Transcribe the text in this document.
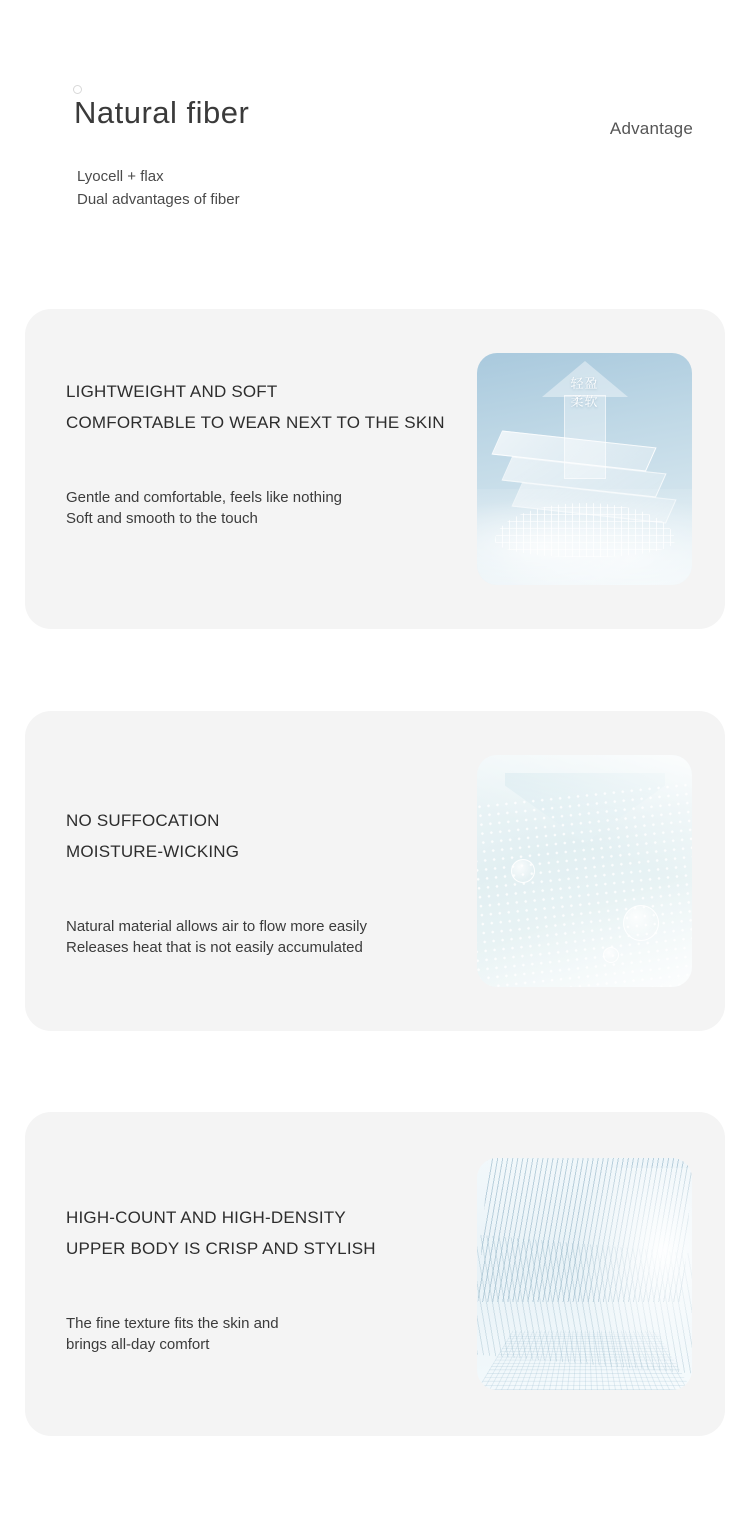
Natural fiber	Advantage
Lyocell + flax
Dual advantages of fiber
LIGHTWEIGHT AND SOFT
COMFORTABLE TO WEAR NEXT TO THE SKIN
Gentle and comfortable, feels like nothing
Soft and smooth to the touch
轻盈
柔软
NO SUFFOCATION
MOISTURE-WICKING
Natural material allows air to flow more easily
Releases heat that is not easily accumulated
HIGH-COUNT AND HIGH-DENSITY
UPPER BODY IS CRISP AND STYLISH
The fine texture fits the skin and
brings all-day comfort
